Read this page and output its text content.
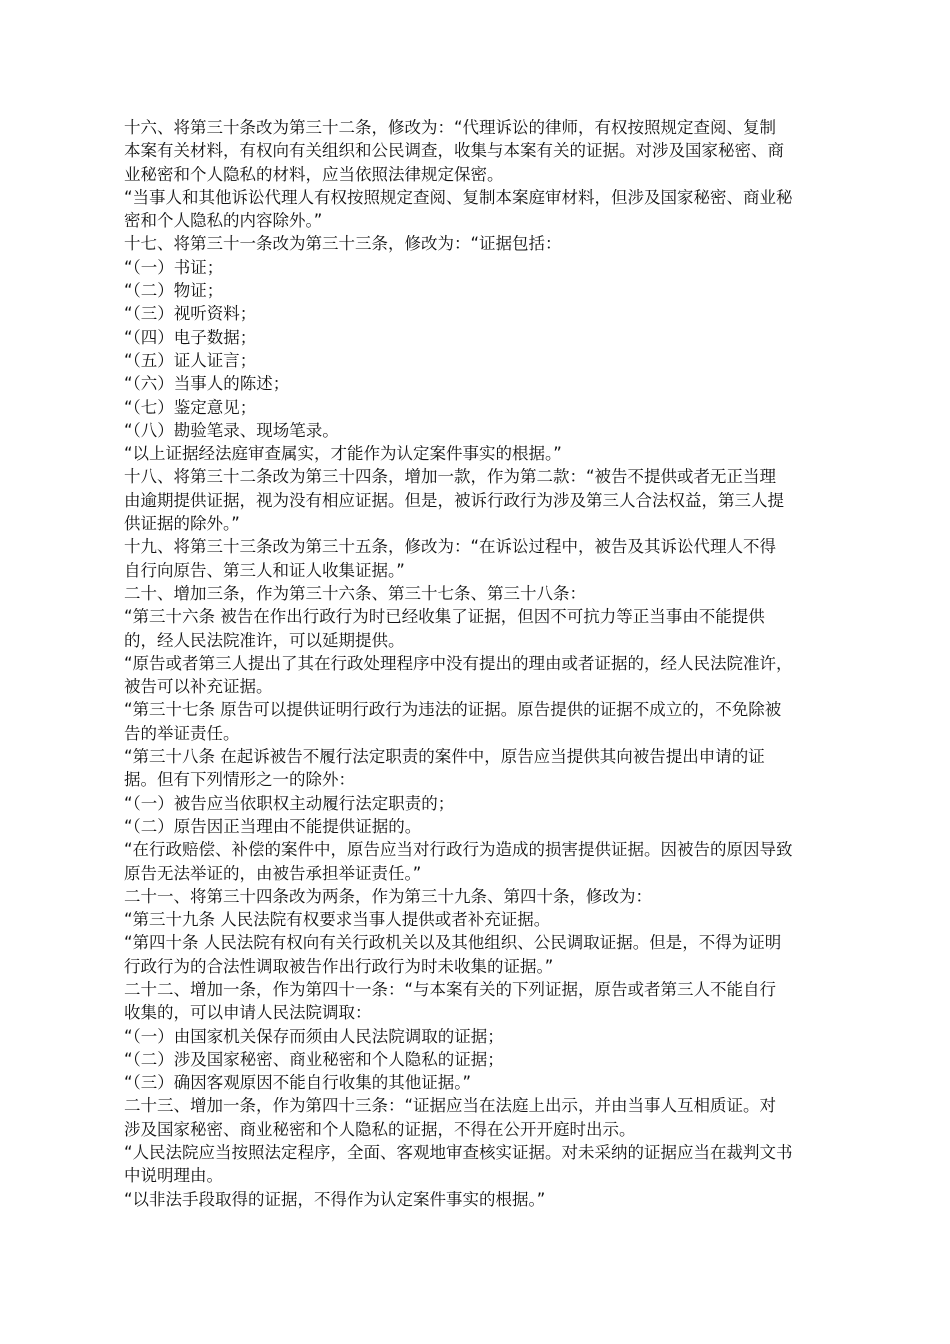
十六、将第三十条改为第三十二条，修改为：“代理诉讼的律师，有权按照规定查阅、复制
本案有关材料，有权向有关组织和公民调查，收集与本案有关的证据。对涉及国家秘密、商
业秘密和个人隐私的材料，应当依照法律规定保密。
“当事人和其他诉讼代理人有权按照规定查阅、复制本案庭审材料，但涉及国家秘密、商业秘
密和个人隐私的内容除外。”
十七、将第三十一条改为第三十三条，修改为：“证据包括：
“（一）书证；
“（二）物证；
“（三）视听资料；
“（四）电子数据；
“（五）证人证言；
“（六）当事人的陈述；
“（七）鉴定意见；
“（八）勘验笔录、现场笔录。
“以上证据经法庭审查属实，才能作为认定案件事实的根据。”
十八、将第三十二条改为第三十四条，增加一款，作为第二款：“被告不提供或者无正当理
由逾期提供证据，视为没有相应证据。但是，被诉行政行为涉及第三人合法权益，第三人提
供证据的除外。”
十九、将第三十三条改为第三十五条，修改为：“在诉讼过程中，被告及其诉讼代理人不得
自行向原告、第三人和证人收集证据。”
二十、增加三条，作为第三十六条、第三十七条、第三十八条：
“第三十六条 被告在作出行政行为时已经收集了证据，但因不可抗力等正当事由不能提供
的，经人民法院准许，可以延期提供。
“原告或者第三人提出了其在行政处理程序中没有提出的理由或者证据的，经人民法院准许，
被告可以补充证据。
“第三十七条 原告可以提供证明行政行为违法的证据。原告提供的证据不成立的，不免除被
告的举证责任。
“第三十八条 在起诉被告不履行法定职责的案件中，原告应当提供其向被告提出申请的证
据。但有下列情形之一的除外：
“（一）被告应当依职权主动履行法定职责的；
“（二）原告因正当理由不能提供证据的。
“在行政赔偿、补偿的案件中，原告应当对行政行为造成的损害提供证据。因被告的原因导致
原告无法举证的，由被告承担举证责任。”
二十一、将第三十四条改为两条，作为第三十九条、第四十条，修改为：
“第三十九条 人民法院有权要求当事人提供或者补充证据。
“第四十条 人民法院有权向有关行政机关以及其他组织、公民调取证据。但是，不得为证明
行政行为的合法性调取被告作出行政行为时未收集的证据。”
二十二、增加一条，作为第四十一条：“与本案有关的下列证据，原告或者第三人不能自行
收集的，可以申请人民法院调取：
“（一）由国家机关保存而须由人民法院调取的证据；
“（二）涉及国家秘密、商业秘密和个人隐私的证据；
“（三）确因客观原因不能自行收集的其他证据。”
二十三、增加一条，作为第四十三条：“证据应当在法庭上出示，并由当事人互相质证。对
涉及国家秘密、商业秘密和个人隐私的证据，不得在公开开庭时出示。
“人民法院应当按照法定程序，全面、客观地审查核实证据。对未采纳的证据应当在裁判文书
中说明理由。
“以非法手段取得的证据，不得作为认定案件事实的根据。”
